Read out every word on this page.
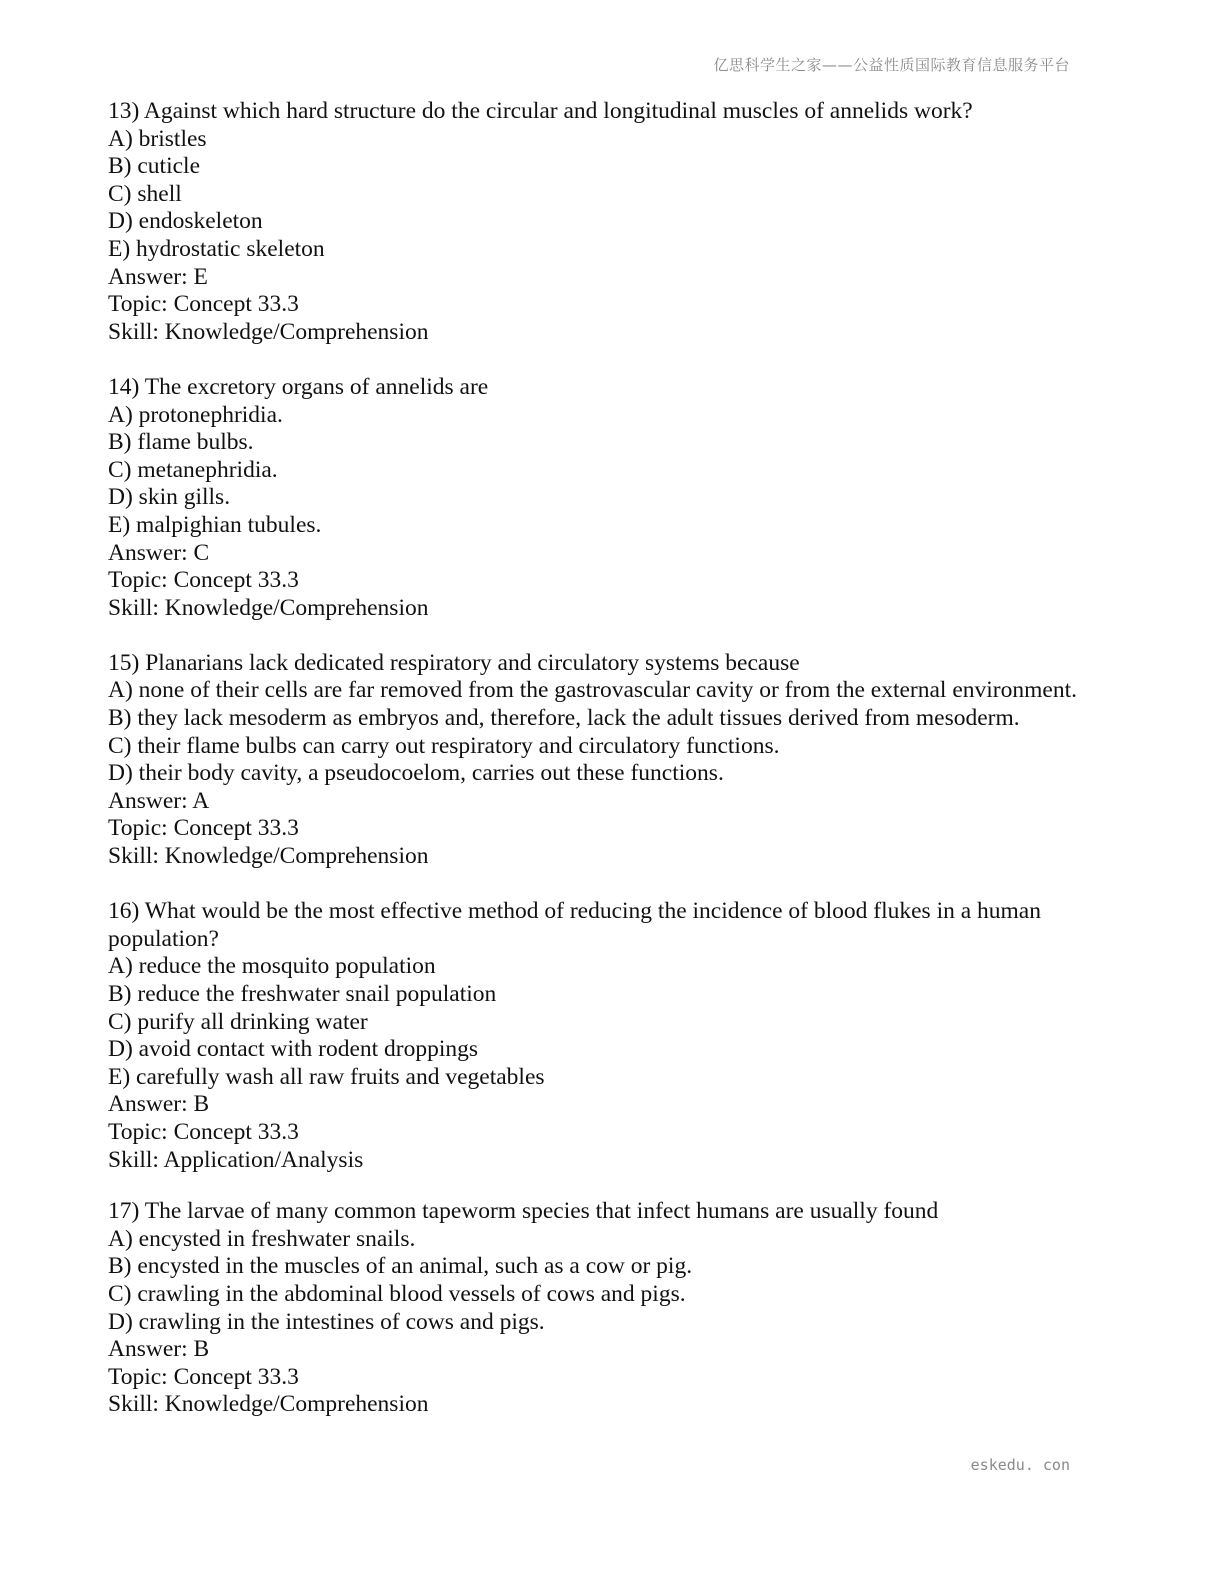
亿思科学生之家——公益性质国际教育信息服务平台
13) Against which hard structure do the circular and longitudinal muscles of annelids work?
A) bristles
B) cuticle
C) shell
D) endoskeleton
E) hydrostatic skeleton
Answer: E
Topic: Concept 33.3
Skill: Knowledge/Comprehension
14) The excretory organs of annelids are
A) protonephridia.
B) flame bulbs.
C) metanephridia.
D) skin gills.
E) malpighian tubules.
Answer: C
Topic: Concept 33.3
Skill: Knowledge/Comprehension
15) Planarians lack dedicated respiratory and circulatory systems because
A) none of their cells are far removed from the gastrovascular cavity or from the external environment.
B) they lack mesoderm as embryos and, therefore, lack the adult tissues derived from mesoderm.
C) their flame bulbs can carry out respiratory and circulatory functions.
D) their body cavity, a pseudocoelom, carries out these functions.
Answer: A
Topic: Concept 33.3
Skill: Knowledge/Comprehension
16) What would be the most effective method of reducing the incidence of blood flukes in a human population?
A) reduce the mosquito population
B) reduce the freshwater snail population
C) purify all drinking water
D) avoid contact with rodent droppings
E) carefully wash all raw fruits and vegetables
Answer: B
Topic: Concept 33.3
Skill: Application/Analysis
17) The larvae of many common tapeworm species that infect humans are usually found
A) encysted in freshwater snails.
B) encysted in the muscles of an animal, such as a cow or pig.
C) crawling in the abdominal blood vessels of cows and pigs.
D) crawling in the intestines of cows and pigs.
Answer: B
Topic: Concept 33.3
Skill: Knowledge/Comprehension
eskedu. con
